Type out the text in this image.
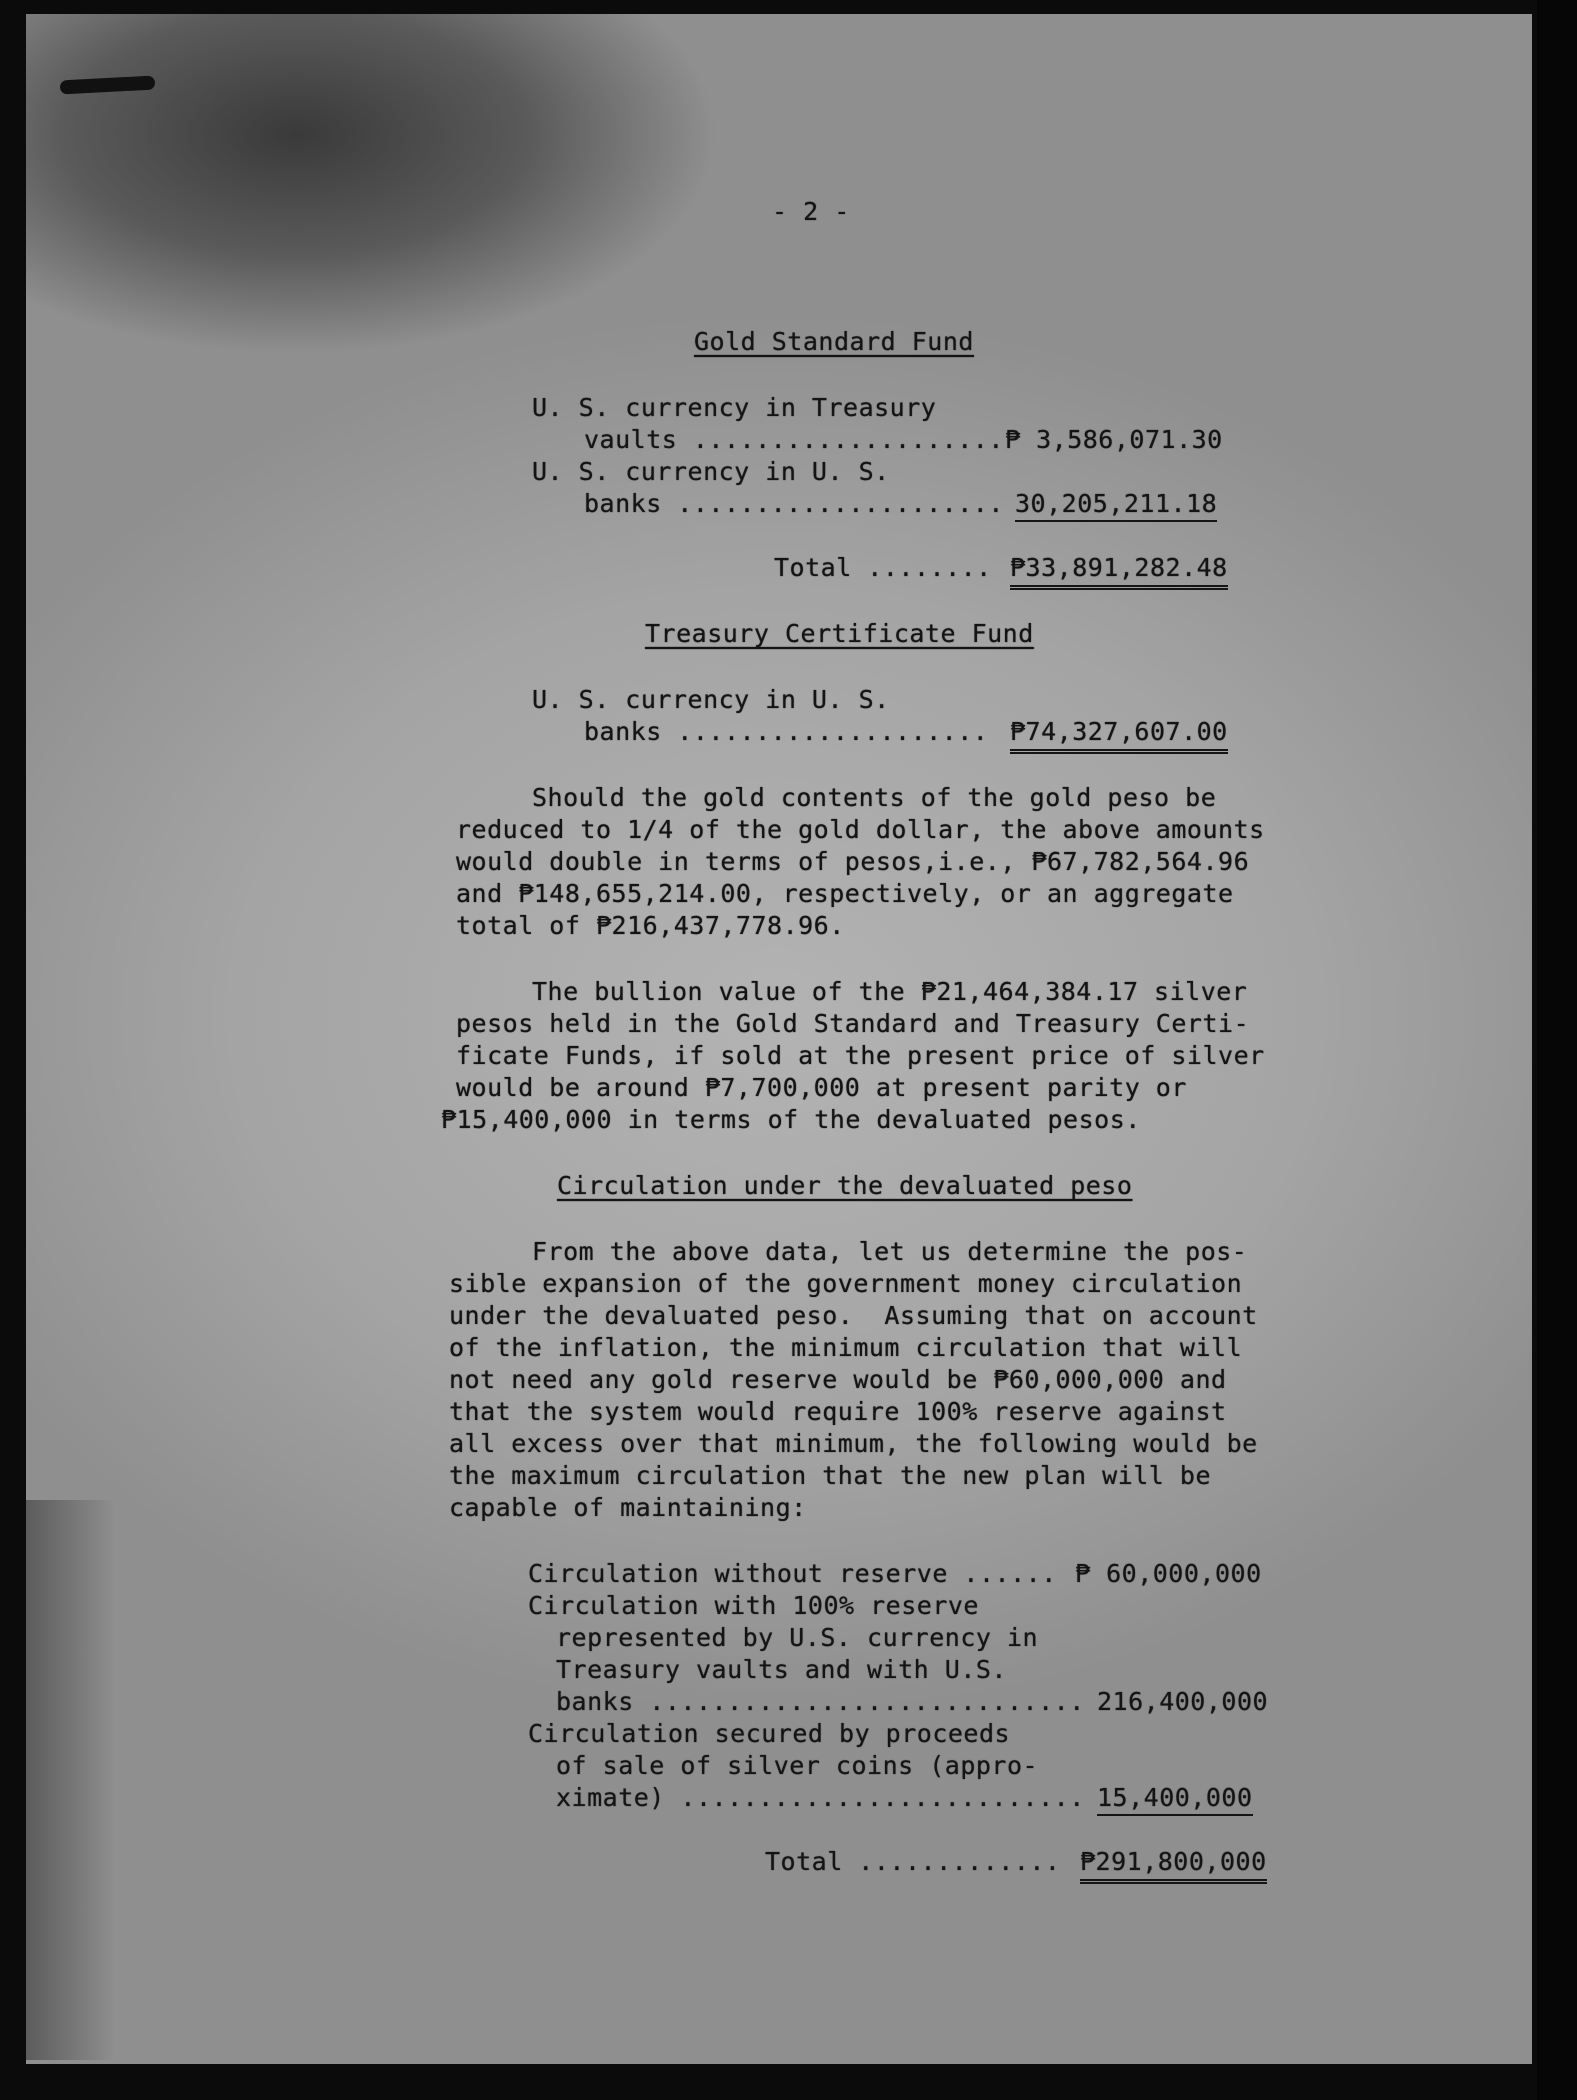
- 2 -
Gold Standard Fund
U. S. currency in Treasury
vaults .................... ₱ 3,586,071.30
U. S. currency in U. S.
banks ..................... 30,205,211.18
Total ........ ₱33,891,282.48
Treasury Certificate Fund
U. S. currency in U. S.
banks .................... ₱74,327,607.00
Should the gold contents of the gold peso be
reduced to 1/4 of the gold dollar, the above amounts
would double in terms of pesos,i.e., ₱67,782,564.96
and ₱148,655,214.00, respectively, or an aggregate
total of ₱216,437,778.96.
The bullion value of the ₱21,464,384.17 silver
pesos held in the Gold Standard and Treasury Certi-
ficate Funds, if sold at the present price of silver
would be around ₱7,700,000 at present parity or
₱15,400,000 in terms of the devaluated pesos.
Circulation under the devaluated peso
From the above data, let us determine the pos-
sible expansion of the government money circulation
under the devaluated peso.  Assuming that on account
of the inflation, the minimum circulation that will
not need any gold reserve would be ₱60,000,000 and
that the system would require 100% reserve against
all excess over that minimum, the following would be
the maximum circulation that the new plan will be
capable of maintaining:
Circulation without reserve ...... ₱ 60,000,000
Circulation with 100% reserve
represented by U.S. currency in
Treasury vaults and with U.S.
banks ............................ 216,400,000
Circulation secured by proceeds
of sale of silver coins (appro-
ximate) .......................... 15,400,000
Total ............. ₱291,800,000
